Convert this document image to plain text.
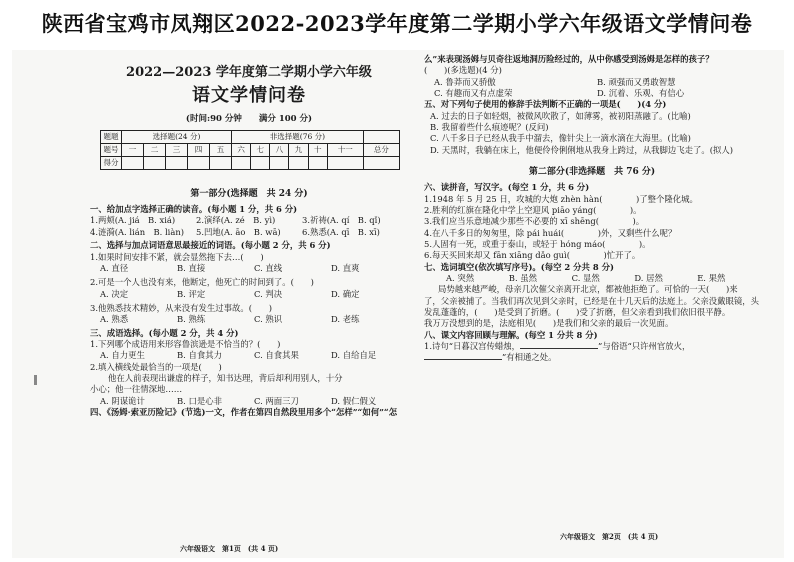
陕西省宝鸡市凤翔区2022-2023学年度第二学期小学六年级语文学情问卷
2022—2023 学年度第二学期小学六年级
语文学情问卷
(时间:90 分钟　　满分 100 分)
题题	选择题(24 分)					非选择题(76 分)						
题号	一	二	三	四	五	六	七	八	九	十	十一	总分
得分												
第一部分(选择题　共 24 分)
一、给加点字选择正确的读音。(每小题 1 分，共 6 分)
1.两颊(A. jiá　B. xiá)	2.演绎(A. zé　B. yì)	3.祈祷(A. qí　B. qǐ)
4.涟漪(A. lián　B. liàn)	5.凹地(A. āo　B. wā)	6.熟悉(A. qī　B. xī)
二、选择与加点词语意思最接近的词语。(每小题 2 分，共 6 分)
1.如果时间安排不紧，就会显然拖下去…(　　)
A. 直径	B. 直接	C. 直线	D. 直爽
2.可是一个人也没有来，他断定，他死亡的时间到了。(　　)
A. 决定	B. 评定	C. 判决	D. 确定
3.他熟悉技术精妙，从来没有发生过事故。(　　)
A. 熟悉	B. 熟练	C. 熟识	D. 老练
三、成语选择。(每小题 2 分，共 4 分)
1.下列哪个成语用来形容鲁滨逊是不恰当的？(　　)
A. 自力更生	B. 自食其力	C. 自食其果	D. 自给自足
2.填入横线处最恰当的一项是(　　)
他在人前表现出谦虚的样子，知书达理，背后却利用别人，十分
小心；他一往情深地……
A. 阴谋诡计	B. 口是心非	C. 两面三刀	D. 假仁假义
四、《汤姆·索亚历险记》(节选)一文，作者在第四自然段里用多个“怎样”“如何”“怎
六年级语文　第1页　(共 4 页)
么”来表现汤姆与贝奇往返地洞历险经过的，从中你感受到汤姆是怎样的孩子？
(　　)(多选题)(4 分)
A. 鲁莽而又骄傲	B. 顽强而又勇敢智慧
C. 有趣而又有点虚荣	D. 沉着、乐观、有信心
五、对下列句子使用的修辞手法判断不正确的一项是(　　)(4 分)
A. 过去的日子如轻烟，被微风吹散了，如薄雾，被初阳蒸融了。(比喻)
B. 我留着些什么痕迹呢？(反问)
C. 八千多日子已经从我手中溜去，像针尖上一滴水滴在大海里。(比喻)
D. 天黑时，我躺在床上，他便伶伶俐俐地从我身上跨过，从我脚边飞走了。(拟人)
第二部分(非选择题　共 76 分)
六、读拼音，写汉字。(每空 1 分，共 6 分)
1.1948 年 5 月 25 日，攻城的大炮 zhèn hàn(　　　　)了整个隆化城。
2.胜利的红旗在隆化中学上空迎风 piāo yáng(　　　　)。
3.我们应当乐意地减少那些不必要的 xī shēng(　　　　)。
4.在八千多日的匆匆里，除 pái huái(　　　　)外，又剩些什么呢？
5.人固有一死，或重于泰山，或轻于 hóng máo(　　　　)。
6.每天买回来却又 fān xiāng dǎo guì(　　　　)忙开了。
七、选词填空(依次填写序号)。(每空 2 分共 8 分)
A. 突然	B. 虽然	C. 显然	D. 居然	E. 果然
局势越来越严峻，母亲几次催父亲离开北京，都被他拒绝了。可恰的一天(　　)来
了，父亲被捕了。当我们再次见到父亲时，已经是在十几天后的法庭上。父亲没戴眼镜，头
发乱蓬蓬的，(　　)是受到了折磨。(　　)受了折磨，但父亲看到我们依旧很平静。
我万万没想到的是，法庭相见(　　)是我们和父亲的最后一次见面。
八、课文内容回顾与理解。(每空 1 分共 8 分)
1.诗句“日暮汉宫传蜡烛，	”与俗语“只许州官放火，
”有相通之处。
六年级语文　第2页　(共 4 页)
